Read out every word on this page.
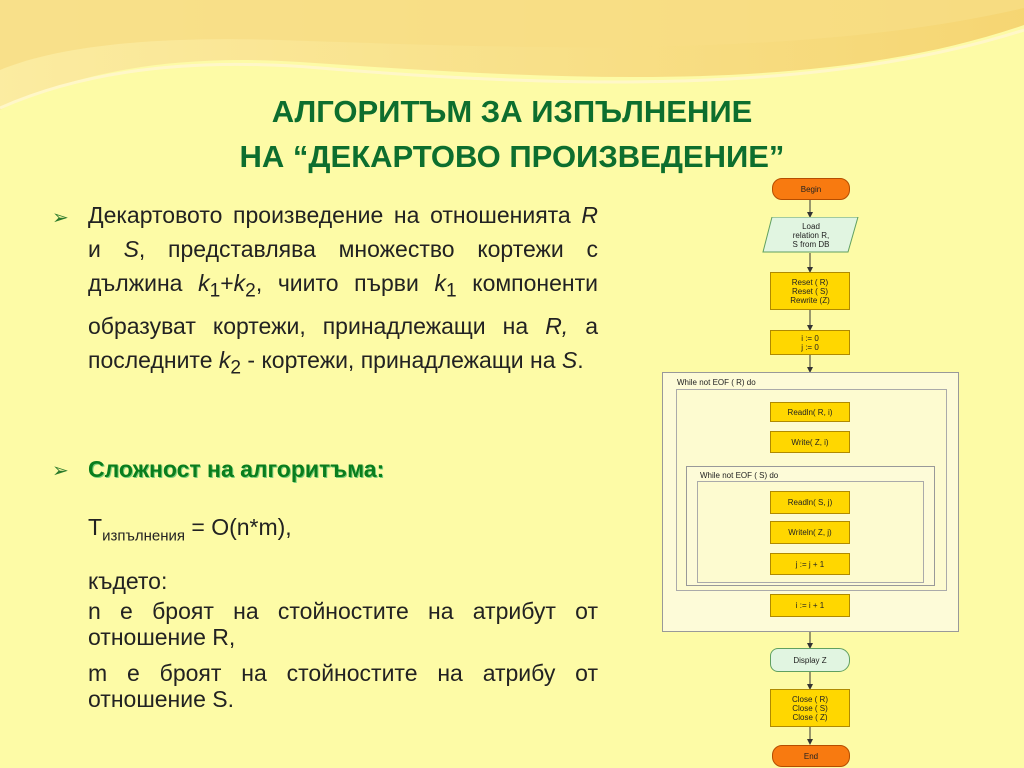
АЛГОРИТЪМ ЗА ИЗПЪЛНЕНИЕ
НА “ДЕКАРТОВО ПРОИЗВЕДЕНИЕ”
➢ Декартовото произведение на отношенията R и S, представлява множество кортежи с дължина $k_1+k_2$, чиито първи $k_1$ компоненти образуват кортежи, принадлежащи на R, а последните $k_2$ - кортежи, принадлежащи на S.
➢ Сложност на алгоритъма:
$T_{изпълнения} = O(n*m)$,
където:
n е броят на стойностите на атрибут от отношение R,
m е броят на стойностите на атрибу от отношение S.
Begin
Load
relation R,
S from DB
Reset ( R)
Reset ( S)
Rewrite (Z)
i := 0
j := 0
While not EOF ( R) do
Readln( R, i)
Write( Z, i)
While not EOF ( S) do
Readln( S, j)
Writeln( Z, j)
j := j + 1
i := i + 1
Display Z
Close ( R)
Close ( S)
Close ( Z)
End
